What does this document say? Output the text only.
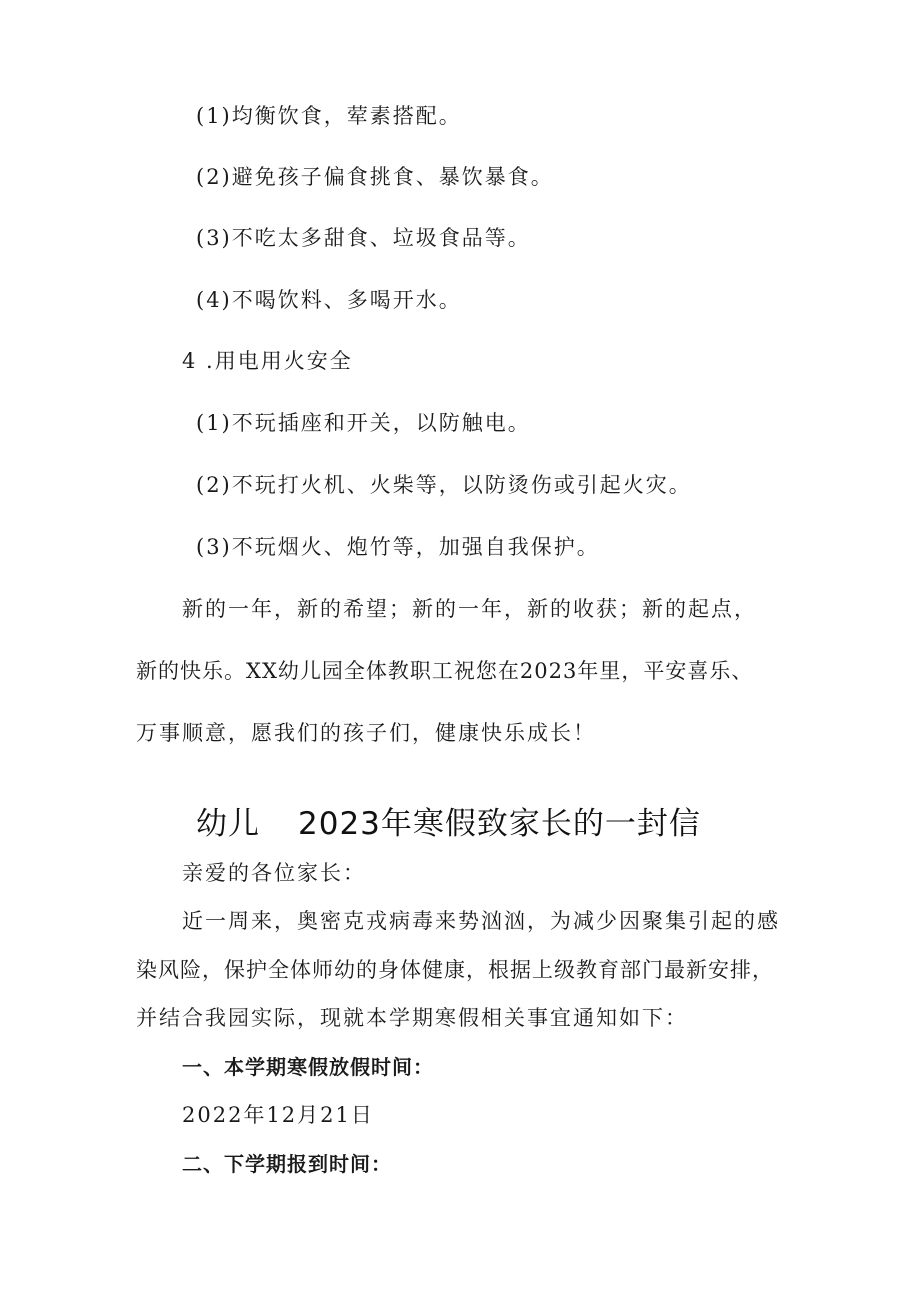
(1)均衡饮食，荤素搭配。
(2)避免孩子偏食挑食、暴饮暴食。
(3)不吃太多甜食、垃圾食品等。
(4)不喝饮料、多喝开水。
4 .用电用火安全
(1)不玩插座和开关，以防触电。
(2)不玩打火机、火柴等，以防烫伤或引起火灾。
(3)不玩烟火、炮竹等，加强自我保护。
新的一年，新的希望；新的一年，新的收获；新的起点，
新的快乐。XX幼儿园全体教职工祝您在2023年里，平安喜乐、
万事顺意，愿我们的孩子们，健康快乐成长！
幼儿 2023年寒假致家长的一封信
亲爱的各位家长：
近一周来，奥密克戎病毒来势汹汹，为减少因聚集引起的感
染风险，保护全体师幼的身体健康，根据上级教育部门最新安排，
并结合我园实际，现就本学期寒假相关事宜通知如下：
一、本学期寒假放假时间：
2022年12月21日
二、下学期报到时间：
